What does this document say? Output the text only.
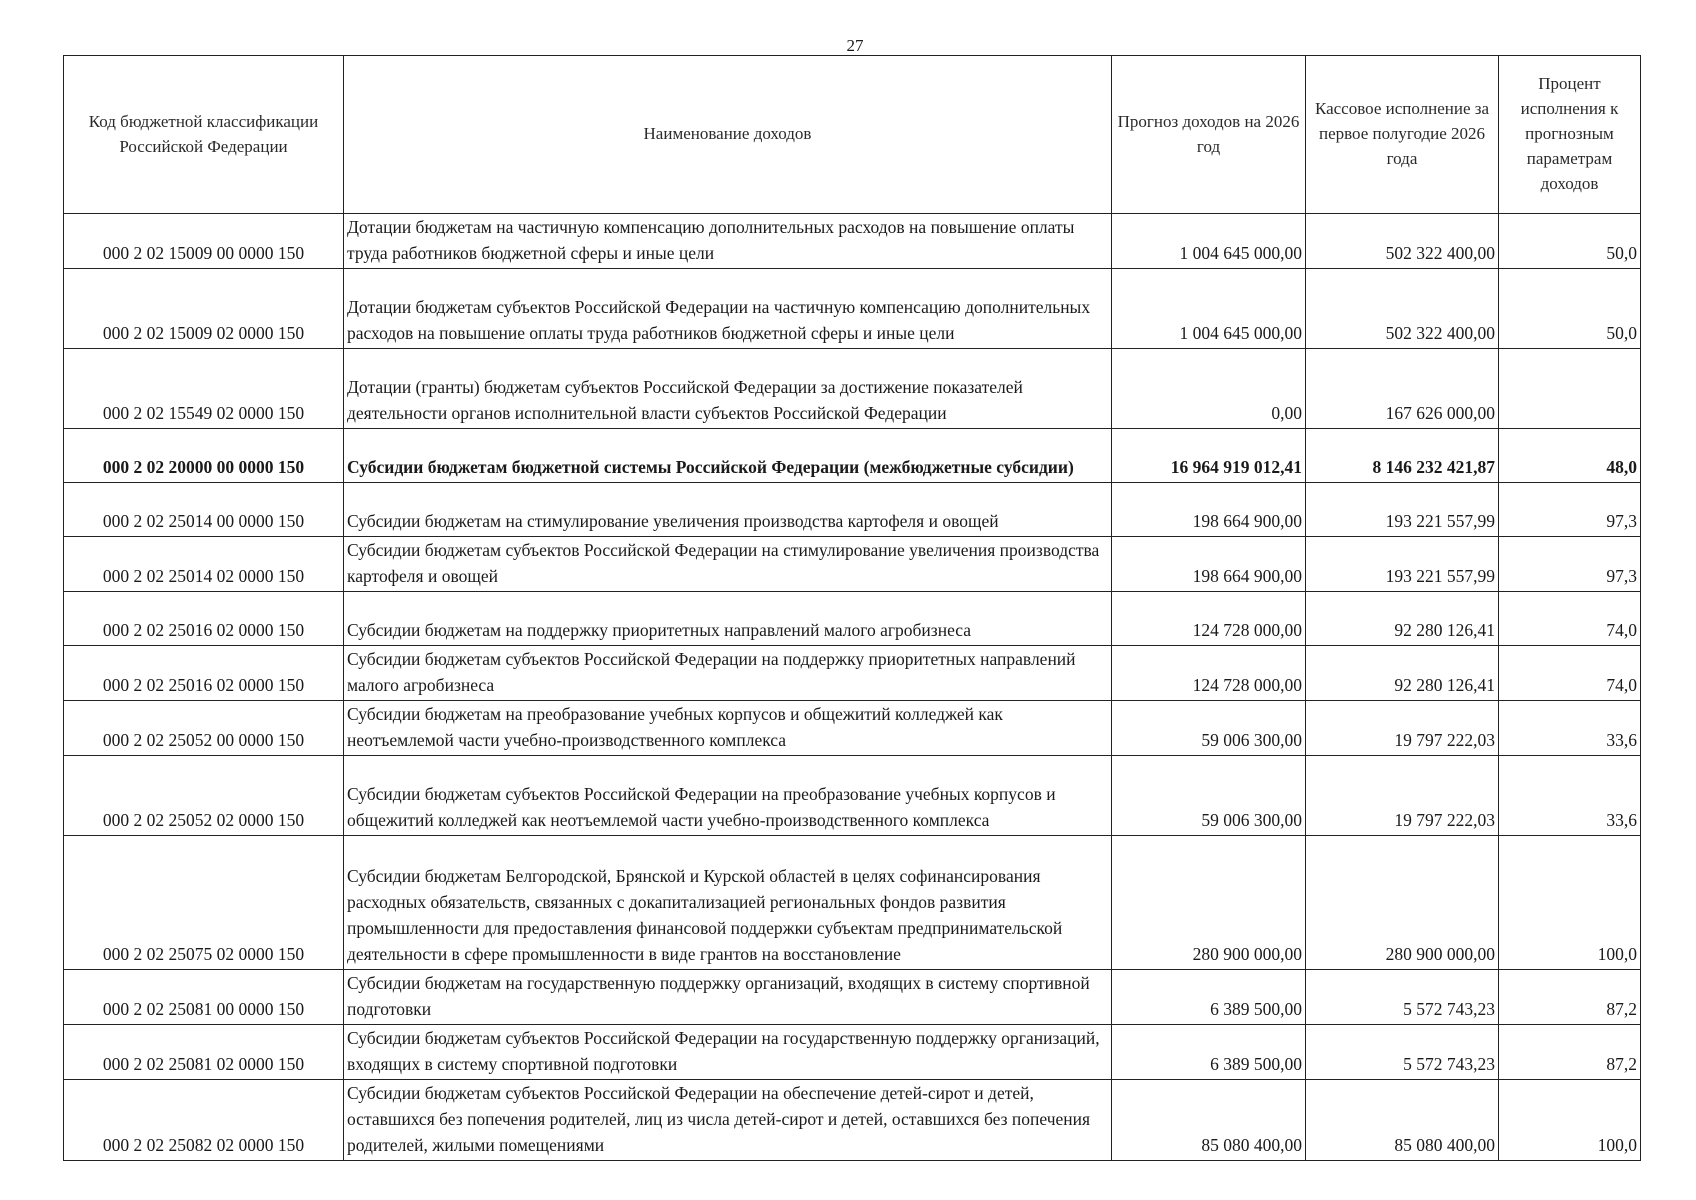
27
Код бюджетной классификации Российской Федерации	Наименование доходов	Прогноз доходов на 2026 год	Кассовое исполнение за первое полугодие 2026 года	Процент исполнения к прогнозным параметрам доходов
000 2 02 15009 00 0000 150	Дотации бюджетам на частичную компенсацию дополнительных расходов на повышение оплаты труда работников бюджетной сферы и иные цели	1 004 645 000,00	502 322 400,00	50,0
000 2 02 15009 02 0000 150	Дотации бюджетам субъектов Российской Федерации на частичную компенсацию дополнительных расходов на повышение оплаты труда работников бюджетной сферы и иные цели	1 004 645 000,00	502 322 400,00	50,0
000 2 02 15549 02 0000 150	Дотации (гранты) бюджетам субъектов Российской Федерации за достижение показателей деятельности органов исполнительной власти субъектов Российской Федерации	0,00	167 626 000,00	
000 2 02 20000 00 0000 150	Субсидии бюджетам бюджетной системы Российской Федерации (межбюджетные субсидии)	16 964 919 012,41	8 146 232 421,87	48,0
000 2 02 25014 00 0000 150	Субсидии бюджетам на стимулирование увеличения производства картофеля и овощей	198 664 900,00	193 221 557,99	97,3
000 2 02 25014 02 0000 150	Субсидии бюджетам субъектов Российской Федерации на стимулирование увеличения производства картофеля и овощей	198 664 900,00	193 221 557,99	97,3
000 2 02 25016 02 0000 150	Субсидии бюджетам на поддержку приоритетных направлений малого агробизнеса	124 728 000,00	92 280 126,41	74,0
000 2 02 25016 02 0000 150	Субсидии бюджетам субъектов Российской Федерации на поддержку приоритетных направлений малого агробизнеса	124 728 000,00	92 280 126,41	74,0
000 2 02 25052 00 0000 150	Субсидии бюджетам на преобразование учебных корпусов и общежитий колледжей как неотъемлемой части учебно-производственного комплекса	59 006 300,00	19 797 222,03	33,6
000 2 02 25052 02 0000 150	Субсидии бюджетам субъектов Российской Федерации на преобразование учебных корпусов и общежитий колледжей как неотъемлемой части учебно-производственного комплекса	59 006 300,00	19 797 222,03	33,6
000 2 02 25075 02 0000 150	Субсидии бюджетам Белгородской, Брянской и Курской областей в целях софинансирования расходных обязательств, связанных с докапитализацией региональных фондов развития промышленности для предоставления финансовой поддержки субъектам предпринимательской деятельности в сфере промышленности в виде грантов на восстановление	280 900 000,00	280 900 000,00	100,0
000 2 02 25081 00 0000 150	Субсидии бюджетам на государственную поддержку организаций, входящих в систему спортивной подготовки	6 389 500,00	5 572 743,23	87,2
000 2 02 25081 02 0000 150	Субсидии бюджетам субъектов Российской Федерации на государственную поддержку организаций, входящих в систему спортивной подготовки	6 389 500,00	5 572 743,23	87,2
000 2 02 25082 02 0000 150	Субсидии бюджетам субъектов Российской Федерации на обеспечение детей-сирот и детей, оставшихся без попечения родителей, лиц из числа детей-сирот и детей, оставшихся без попечения родителей, жилыми помещениями	85 080 400,00	85 080 400,00	100,0
